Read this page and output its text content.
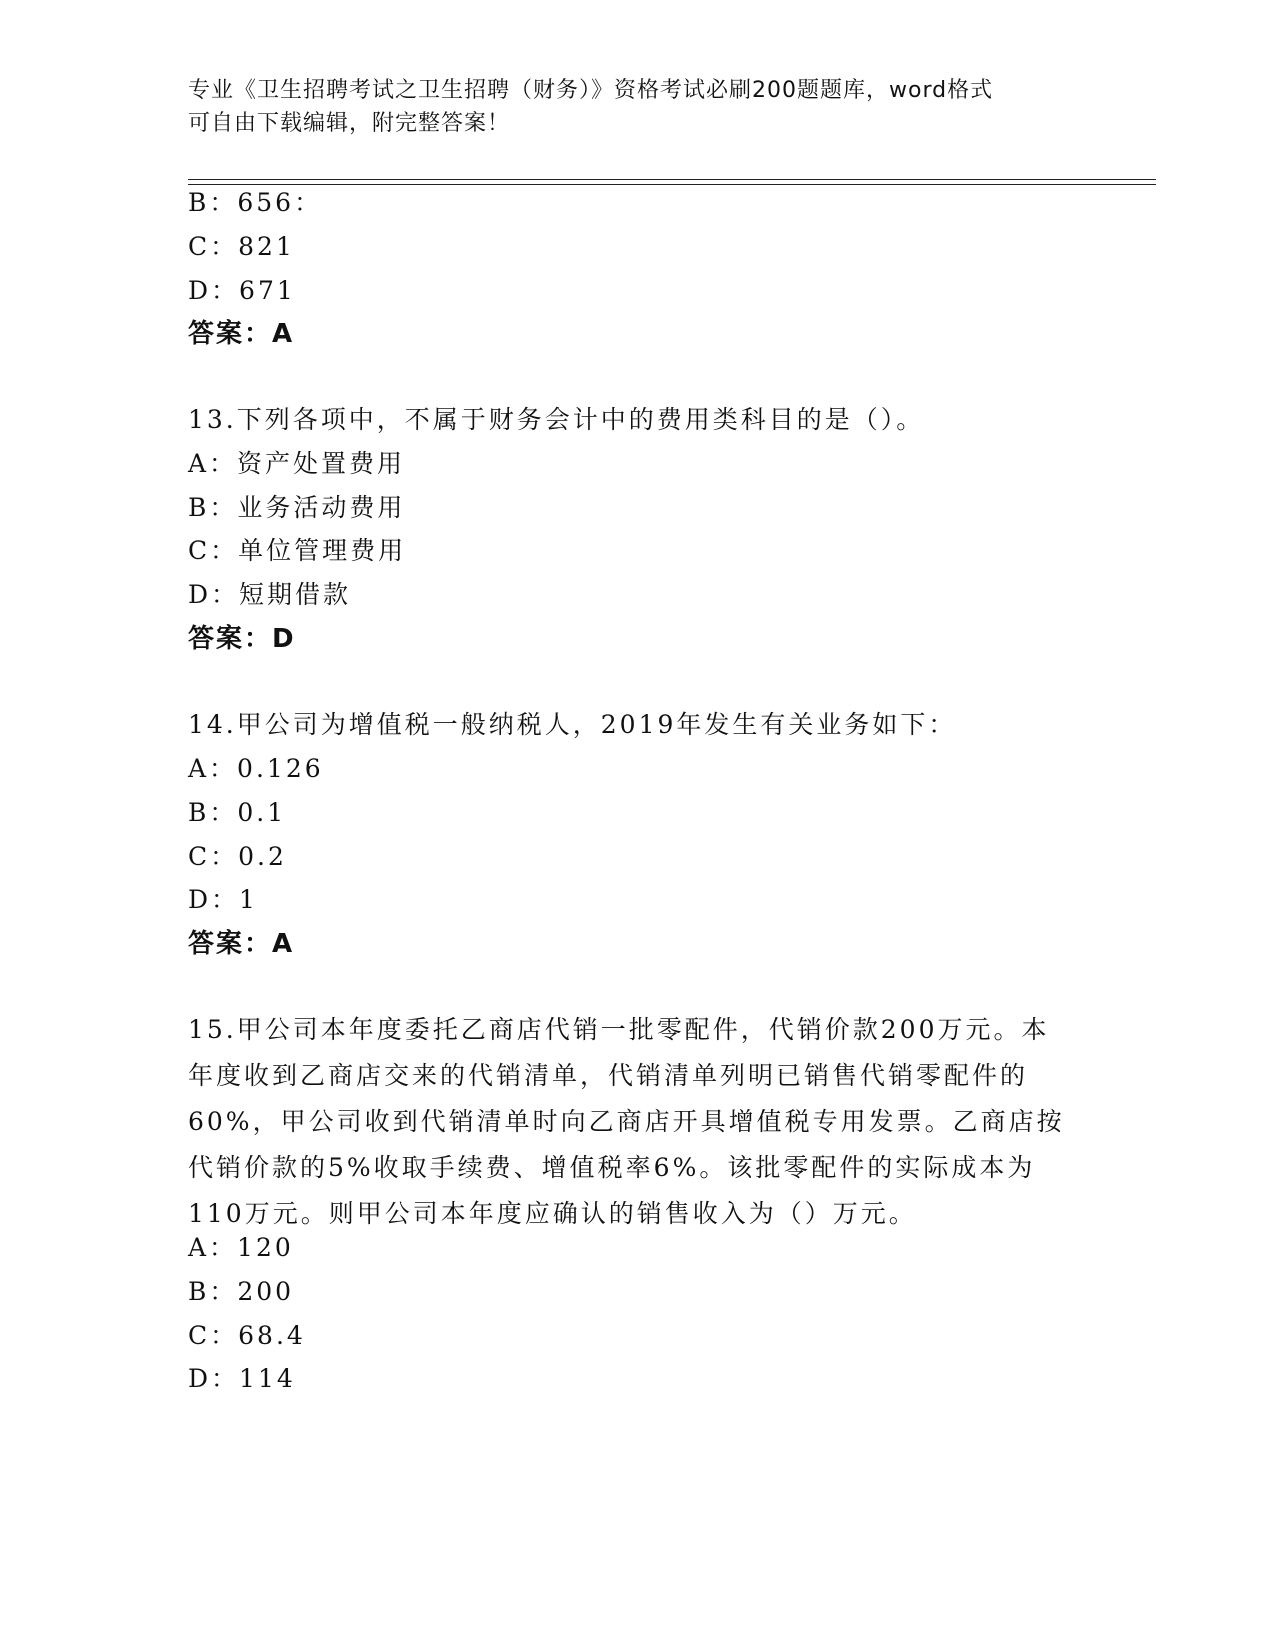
专业《卫生招聘考试之卫生招聘（财务）》资格考试必刷200题题库，word格式
可自由下载编辑，附完整答案！
B：656：
C：821
D：671
答案：A
13.下列各项中，不属于财务会计中的费用类科目的是（）。
A：资产处置费用
B：业务活动费用
C：单位管理费用
D：短期借款
答案：D
14.甲公司为增值税一般纳税人，2019年发生有关业务如下：
A：0.126
B：0.1
C：0.2
D：1
答案：A
15.甲公司本年度委托乙商店代销一批零配件，代销价款200万元。本
年度收到乙商店交来的代销清单，代销清单列明已销售代销零配件的
60%，甲公司收到代销清单时向乙商店开具增值税专用发票。乙商店按
代销价款的5%收取手续费、增值税率6%。该批零配件的实际成本为
110万元。则甲公司本年度应确认的销售收入为（）万元。
A：120
B：200
C：68.4
D：114
